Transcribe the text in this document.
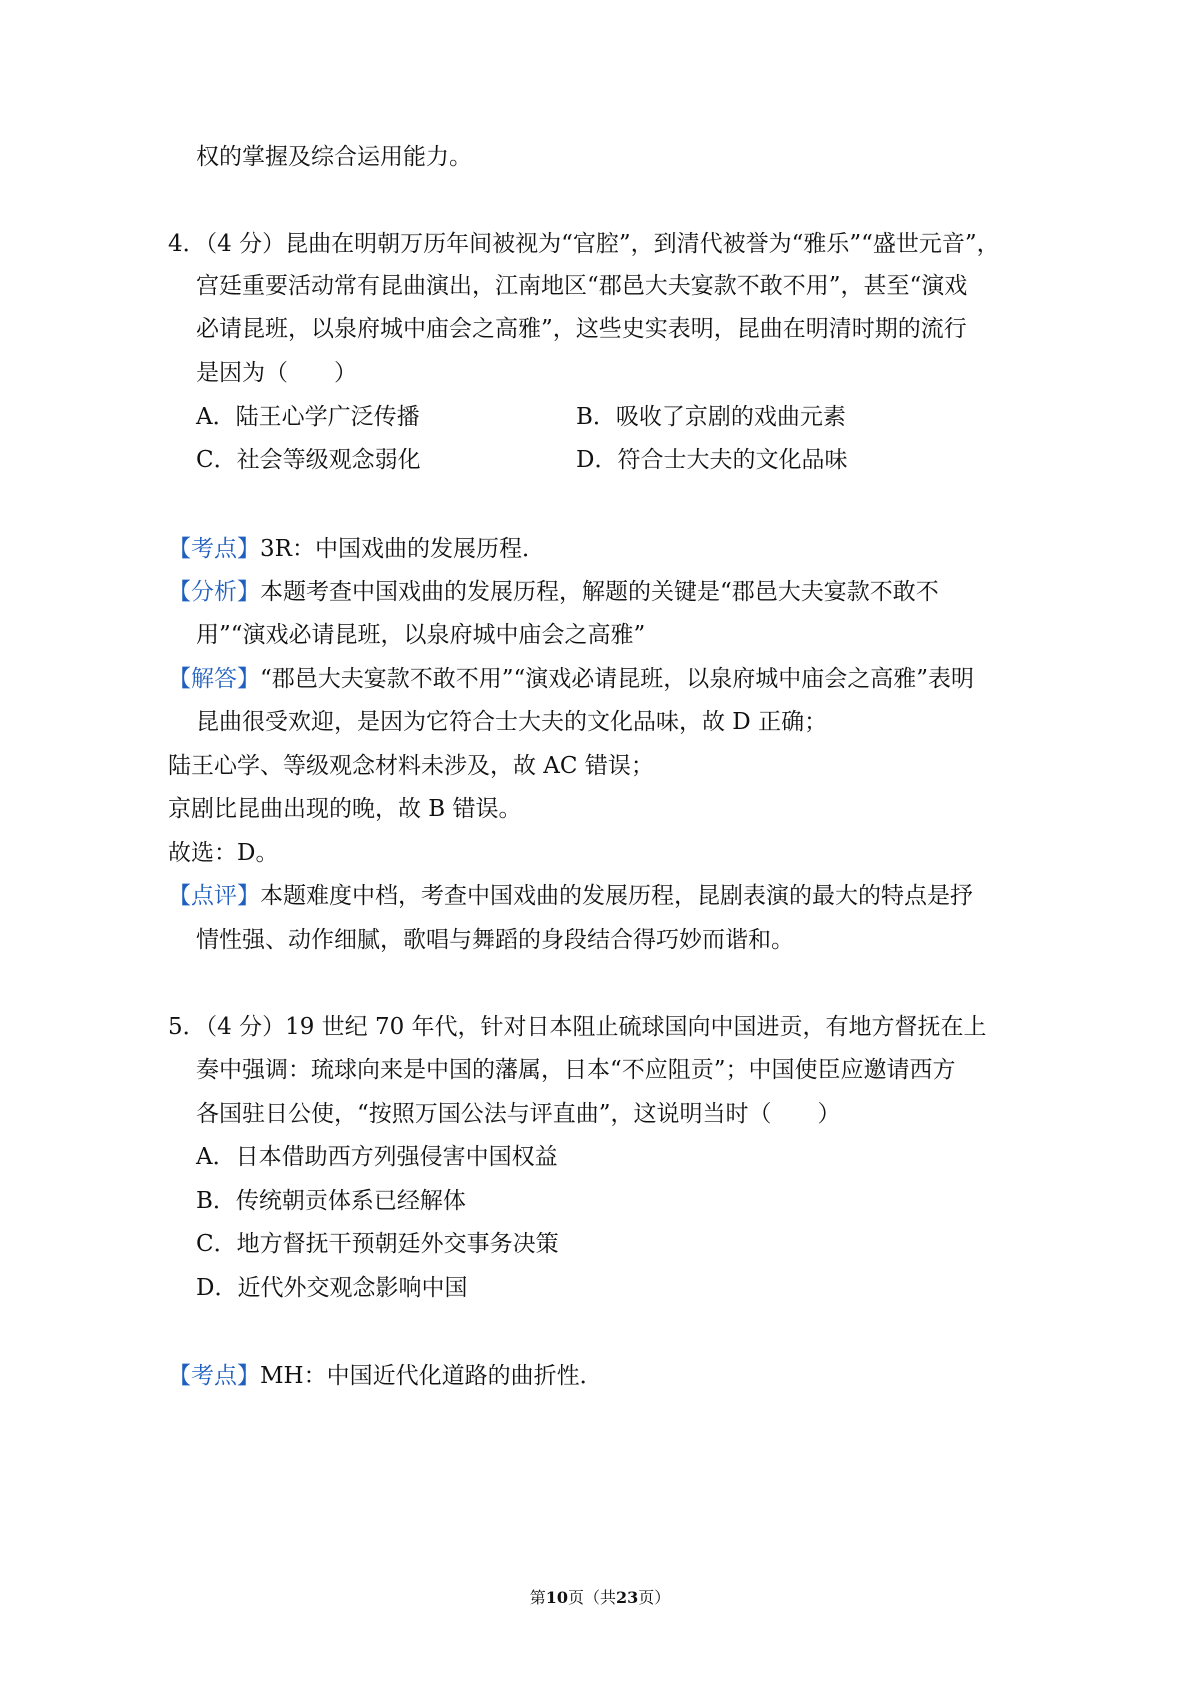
权的掌握及综合运用能力。
4．（4 分）昆曲在明朝万历年间被视为“官腔”，到清代被誉为“雅乐”“盛世元音”，
宫廷重要活动常有昆曲演出，江南地区“郡邑大夫宴款不敢不用”，甚至“演戏
必请昆班，以泉府城中庙会之高雅”，这些史实表明，昆曲在明清时期的流行
是因为（　　）
A．陆王心学广泛传播	B．吸收了京剧的戏曲元素
C．社会等级观念弱化	D．符合士大夫的文化品味
【考点】3R：中国戏曲的发展历程．
【分析】本题考查中国戏曲的发展历程，解题的关键是“郡邑大夫宴款不敢不
用”“演戏必请昆班，以泉府城中庙会之高雅”
【解答】“郡邑大夫宴款不敢不用”“演戏必请昆班，以泉府城中庙会之高雅”表明
昆曲很受欢迎，是因为它符合士大夫的文化品味，故 D 正确；
陆王心学、等级观念材料未涉及，故 AC 错误；
京剧比昆曲出现的晚，故 B 错误。
故选：D。
【点评】本题难度中档，考查中国戏曲的发展历程，昆剧表演的最大的特点是抒
情性强、动作细腻，歌唱与舞蹈的身段结合得巧妙而谐和。
5．（4 分）19 世纪 70 年代，针对日本阻止硫球国向中国进贡，有地方督抚在上
奏中强调：琉球向来是中国的藩属，日本“不应阻贡”；中国使臣应邀请西方
各国驻日公使，“按照万国公法与评直曲”，这说明当时（　　）
A．日本借助西方列强侵害中国权益
B．传统朝贡体系已经解体
C．地方督抚干预朝廷外交事务决策
D．近代外交观念影响中国
【考点】MH：中国近代化道路的曲折性．
第10页（共23页）
